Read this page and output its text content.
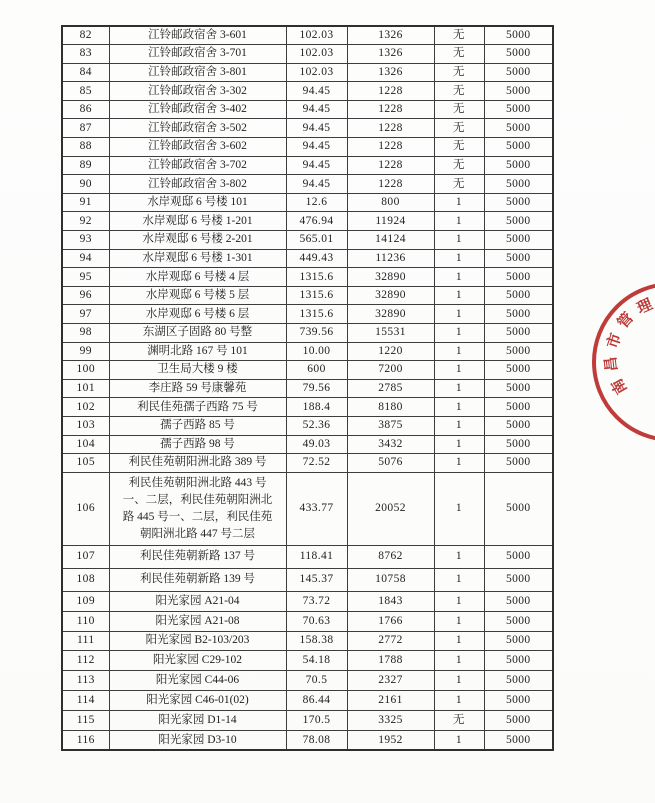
82	江铃邮政宿舍 3-601	102.03	1326	无	5000
83	江铃邮政宿舍 3-701	102.03	1326	无	5000
84	江铃邮政宿舍 3-801	102.03	1326	无	5000
85	江铃邮政宿舍 3-302	94.45	1228	无	5000
86	江铃邮政宿舍 3-402	94.45	1228	无	5000
87	江铃邮政宿舍 3-502	94.45	1228	无	5000
88	江铃邮政宿舍 3-602	94.45	1228	无	5000
89	江铃邮政宿舍 3-702	94.45	1228	无	5000
90	江铃邮政宿舍 3-802	94.45	1228	无	5000
91	水岸观邸 6 号楼 101	12.6	800	1	5000
92	水岸观邸 6 号楼 1-201	476.94	11924	1	5000
93	水岸观邸 6 号楼 2-201	565.01	14124	1	5000
94	水岸观邸 6 号楼 1-301	449.43	11236	1	5000
95	水岸观邸 6 号楼 4 层	1315.6	32890	1	5000
96	水岸观邸 6 号楼 5 层	1315.6	32890	1	5000
97	水岸观邸 6 号楼 6 层	1315.6	32890	1	5000
98	东湖区子固路 80 号整	739.56	15531	1	5000
99	渊明北路 167 号 101	10.00	1220	1	5000
100	卫生局大楼 9 楼	600	7200	1	5000
101	李庄路 59 号康馨苑	79.56	2785	1	5000
102	利民佳苑孺子西路 75 号	188.4	8180	1	5000
103	孺子西路 85 号	52.36	3875	1	5000
104	孺子西路 98 号	49.03	3432	1	5000
105	利民佳苑朝阳洲北路 389 号	72.52	5076	1	5000
106	利民佳苑朝阳洲北路 443 号一、二层，利民佳苑朝阳洲北路 445 号一、二层，利民佳苑朝阳洲北路 447 号二层	433.77	20052	1	5000
107	利民佳苑朝新路 137 号	118.41	8762	1	5000
108	利民佳苑朝新路 139 号	145.37	10758	1	5000
109	阳光家园 A21-04	73.72	1843	1	5000
110	阳光家园 A21-08	70.63	1766	1	5000
111	阳光家园 B2-103/203	158.38	2772	1	5000
112	阳光家园 C29-102	54.18	1788	1	5000
113	阳光家园 C44-06	70.5	2327	1	5000
114	阳光家园 C46-01(02)	86.44	2161	1	5000
115	阳光家园 D1-14	170.5	3325	无	5000
116	阳光家园 D3-10	78.08	1952	1	5000
南
昌
市
管
理
